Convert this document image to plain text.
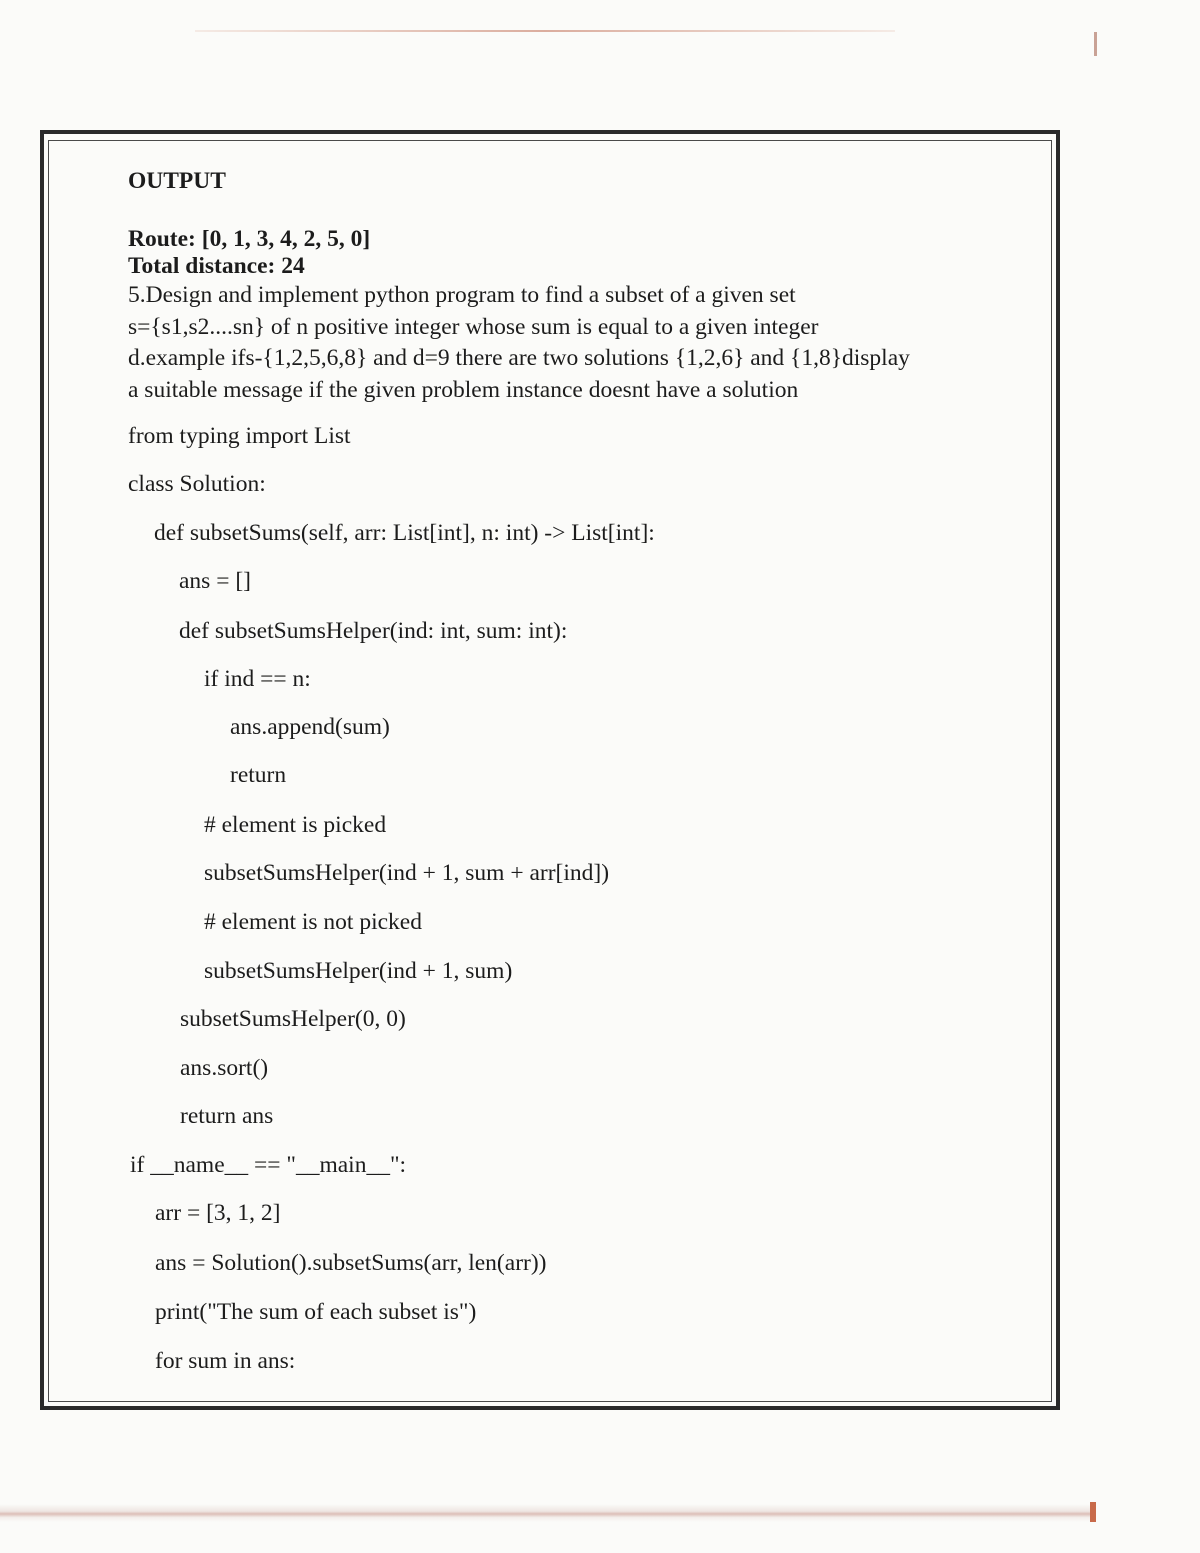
OUTPUT
Route: [0, 1, 3, 4, 2, 5, 0]
Total distance: 24
5.Design and implement python program to find a subset of a given set
s={s1,s2....sn} of n positive integer whose sum is equal to a given integer
d.example ifs-{1,2,5,6,8} and d=9 there are two solutions {1,2,6} and {1,8}display
a suitable message if the given problem instance doesnt have a solution
from typing import List
class Solution:
def subsetSums(self, arr: List[int], n: int) -> List[int]:
ans = []
def subsetSumsHelper(ind: int, sum: int):
if ind == n:
ans.append(sum)
return
# element is picked
subsetSumsHelper(ind + 1, sum + arr[ind])
# element is not picked
subsetSumsHelper(ind + 1, sum)
subsetSumsHelper(0, 0)
ans.sort()
return ans
if __name__ == "__main__":
arr = [3, 1, 2]
ans = Solution().subsetSums(arr, len(arr))
print("The sum of each subset is")
for sum in ans:
